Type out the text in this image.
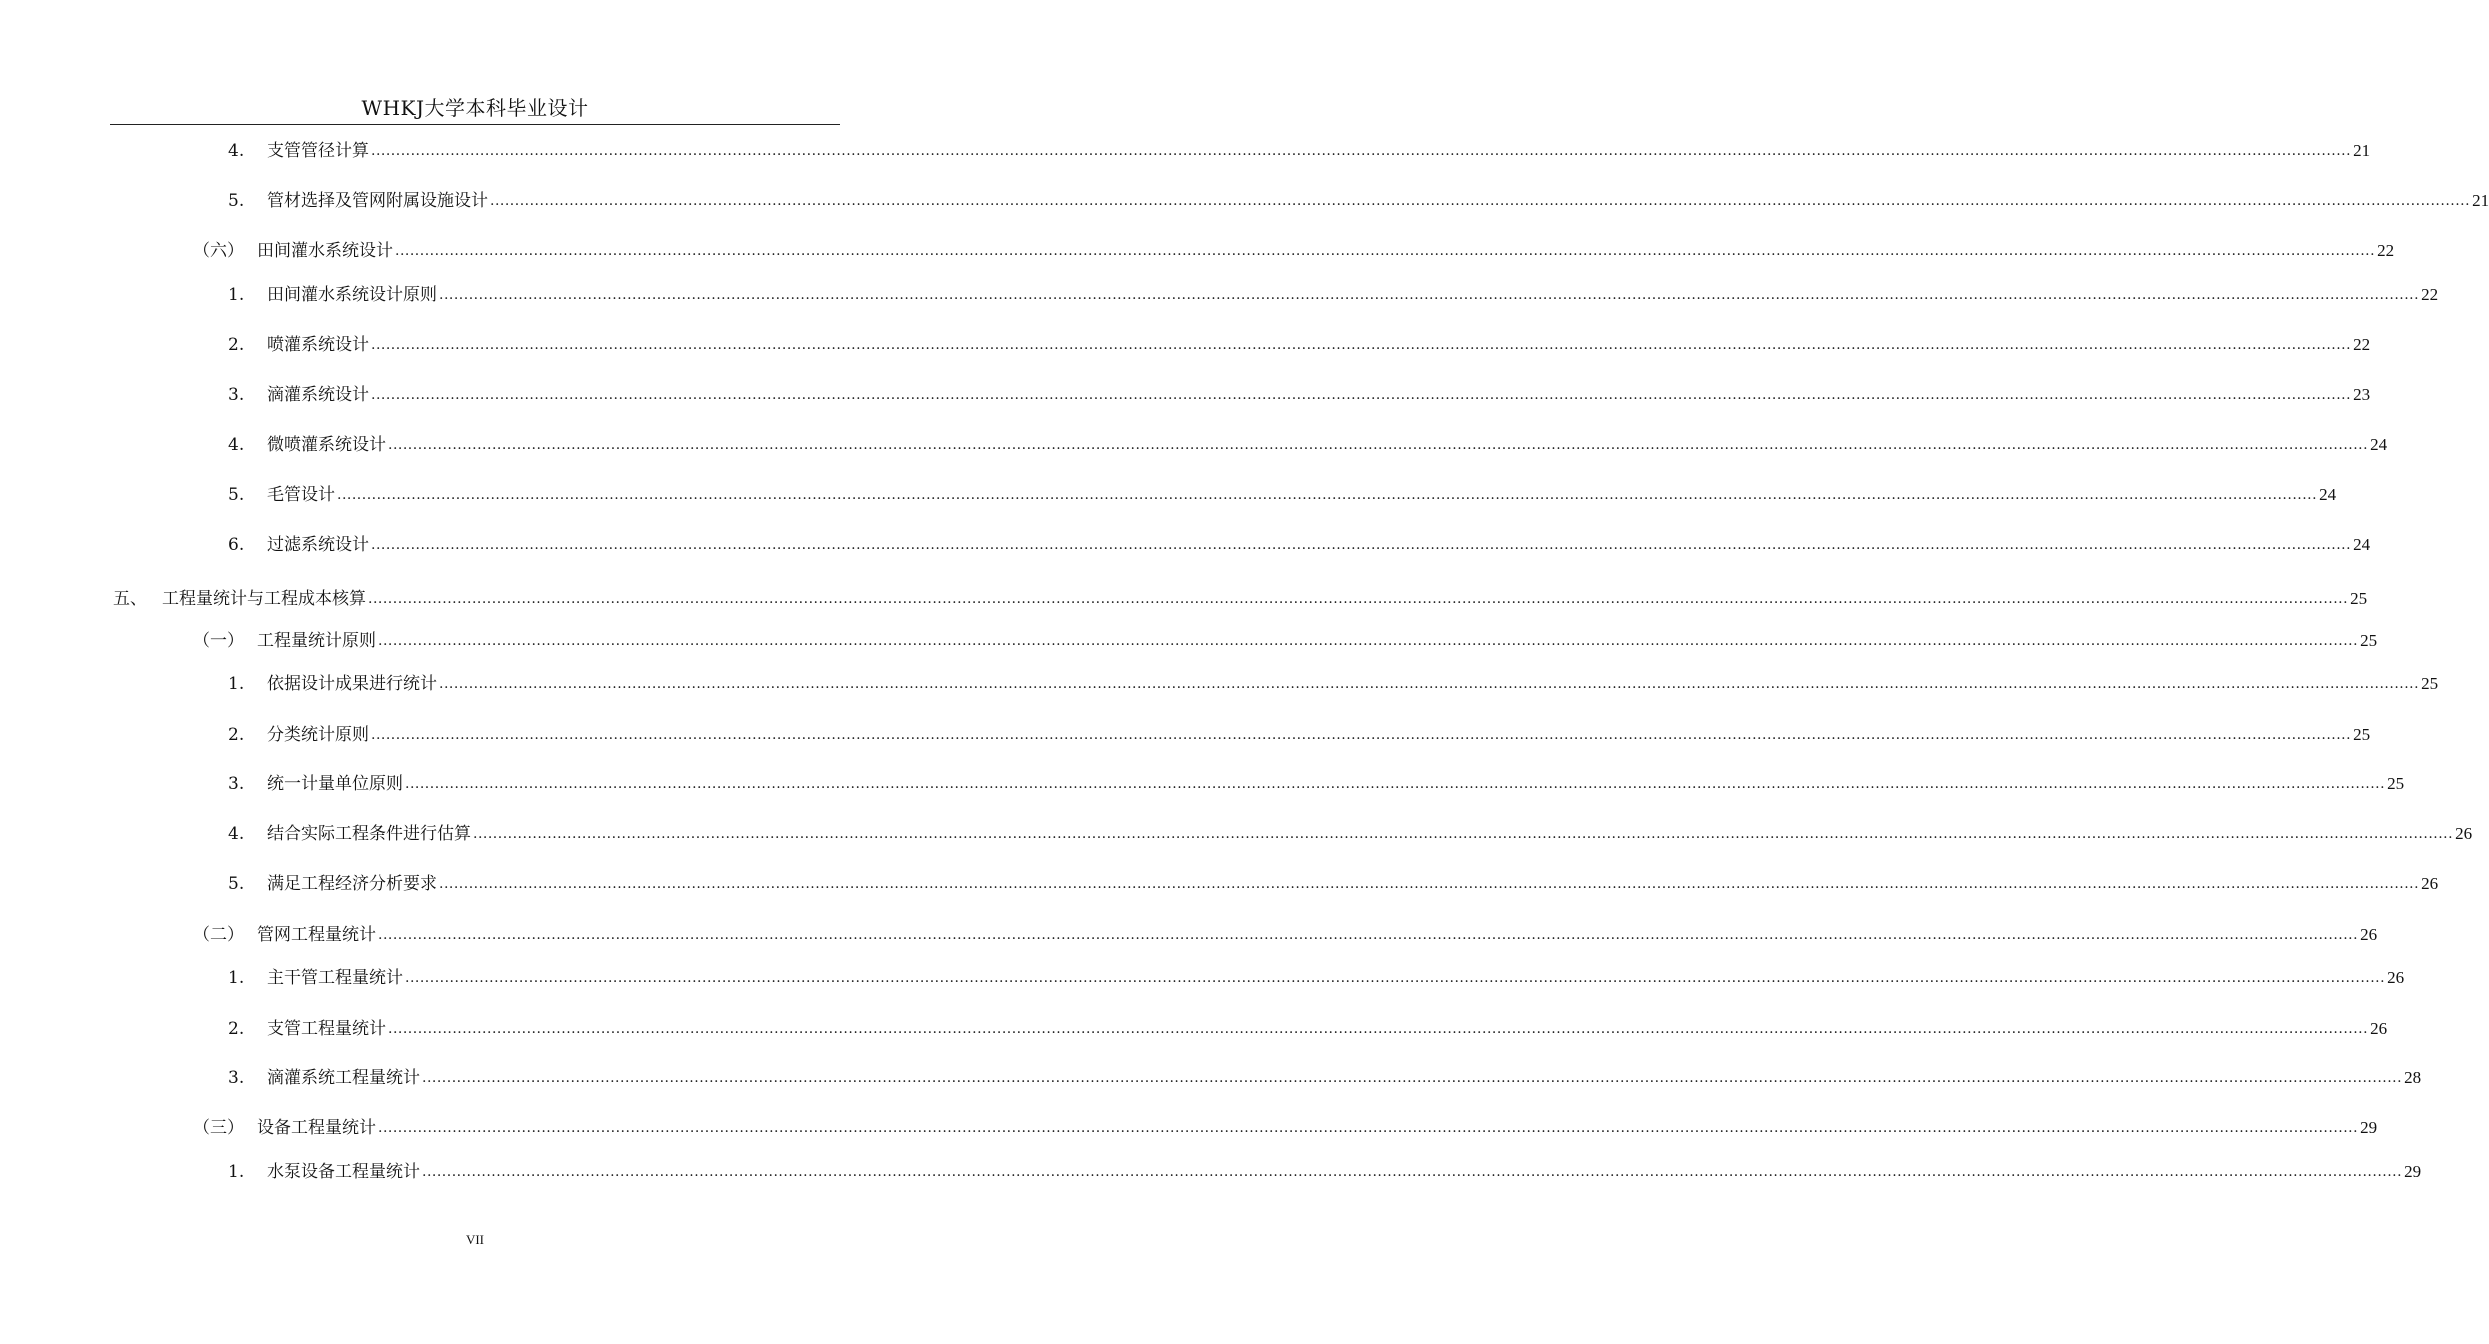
WHKJ大学本科毕业设计
4. 支管管径计算 ................................................................................................................................................................................................................................................................................................................................................................................................................ 21
5. 管材选择及管网附属设施设计 ................................................................................................................................................................................................................................................................................................................................................................................................................ 21
（六） 田间灌水系统设计 ................................................................................................................................................................................................................................................................................................................................................................................................................ 22
1. 田间灌水系统设计原则 ................................................................................................................................................................................................................................................................................................................................................................................................................ 22
2. 喷灌系统设计 ................................................................................................................................................................................................................................................................................................................................................................................................................ 22
3. 滴灌系统设计 ................................................................................................................................................................................................................................................................................................................................................................................................................ 23
4. 微喷灌系统设计 ................................................................................................................................................................................................................................................................................................................................................................................................................ 24
5. 毛管设计 ................................................................................................................................................................................................................................................................................................................................................................................................................ 24
6. 过滤系统设计 ................................................................................................................................................................................................................................................................................................................................................................................................................ 24
五、 工程量统计与工程成本核算 ................................................................................................................................................................................................................................................................................................................................................................................................................ 25
（一） 工程量统计原则 ................................................................................................................................................................................................................................................................................................................................................................................................................ 25
1. 依据设计成果进行统计 ................................................................................................................................................................................................................................................................................................................................................................................................................ 25
2. 分类统计原则 ................................................................................................................................................................................................................................................................................................................................................................................................................ 25
3. 统一计量单位原则 ................................................................................................................................................................................................................................................................................................................................................................................................................ 25
4. 结合实际工程条件进行估算 ................................................................................................................................................................................................................................................................................................................................................................................................................ 26
5. 满足工程经济分析要求 ................................................................................................................................................................................................................................................................................................................................................................................................................ 26
（二） 管网工程量统计 ................................................................................................................................................................................................................................................................................................................................................................................................................ 26
1. 主干管工程量统计 ................................................................................................................................................................................................................................................................................................................................................................................................................ 26
2. 支管工程量统计 ................................................................................................................................................................................................................................................................................................................................................................................................................ 26
3. 滴灌系统工程量统计 ................................................................................................................................................................................................................................................................................................................................................................................................................ 28
（三） 设备工程量统计 ................................................................................................................................................................................................................................................................................................................................................................................................................ 29
1. 水泵设备工程量统计 ................................................................................................................................................................................................................................................................................................................................................................................................................ 29
VII
